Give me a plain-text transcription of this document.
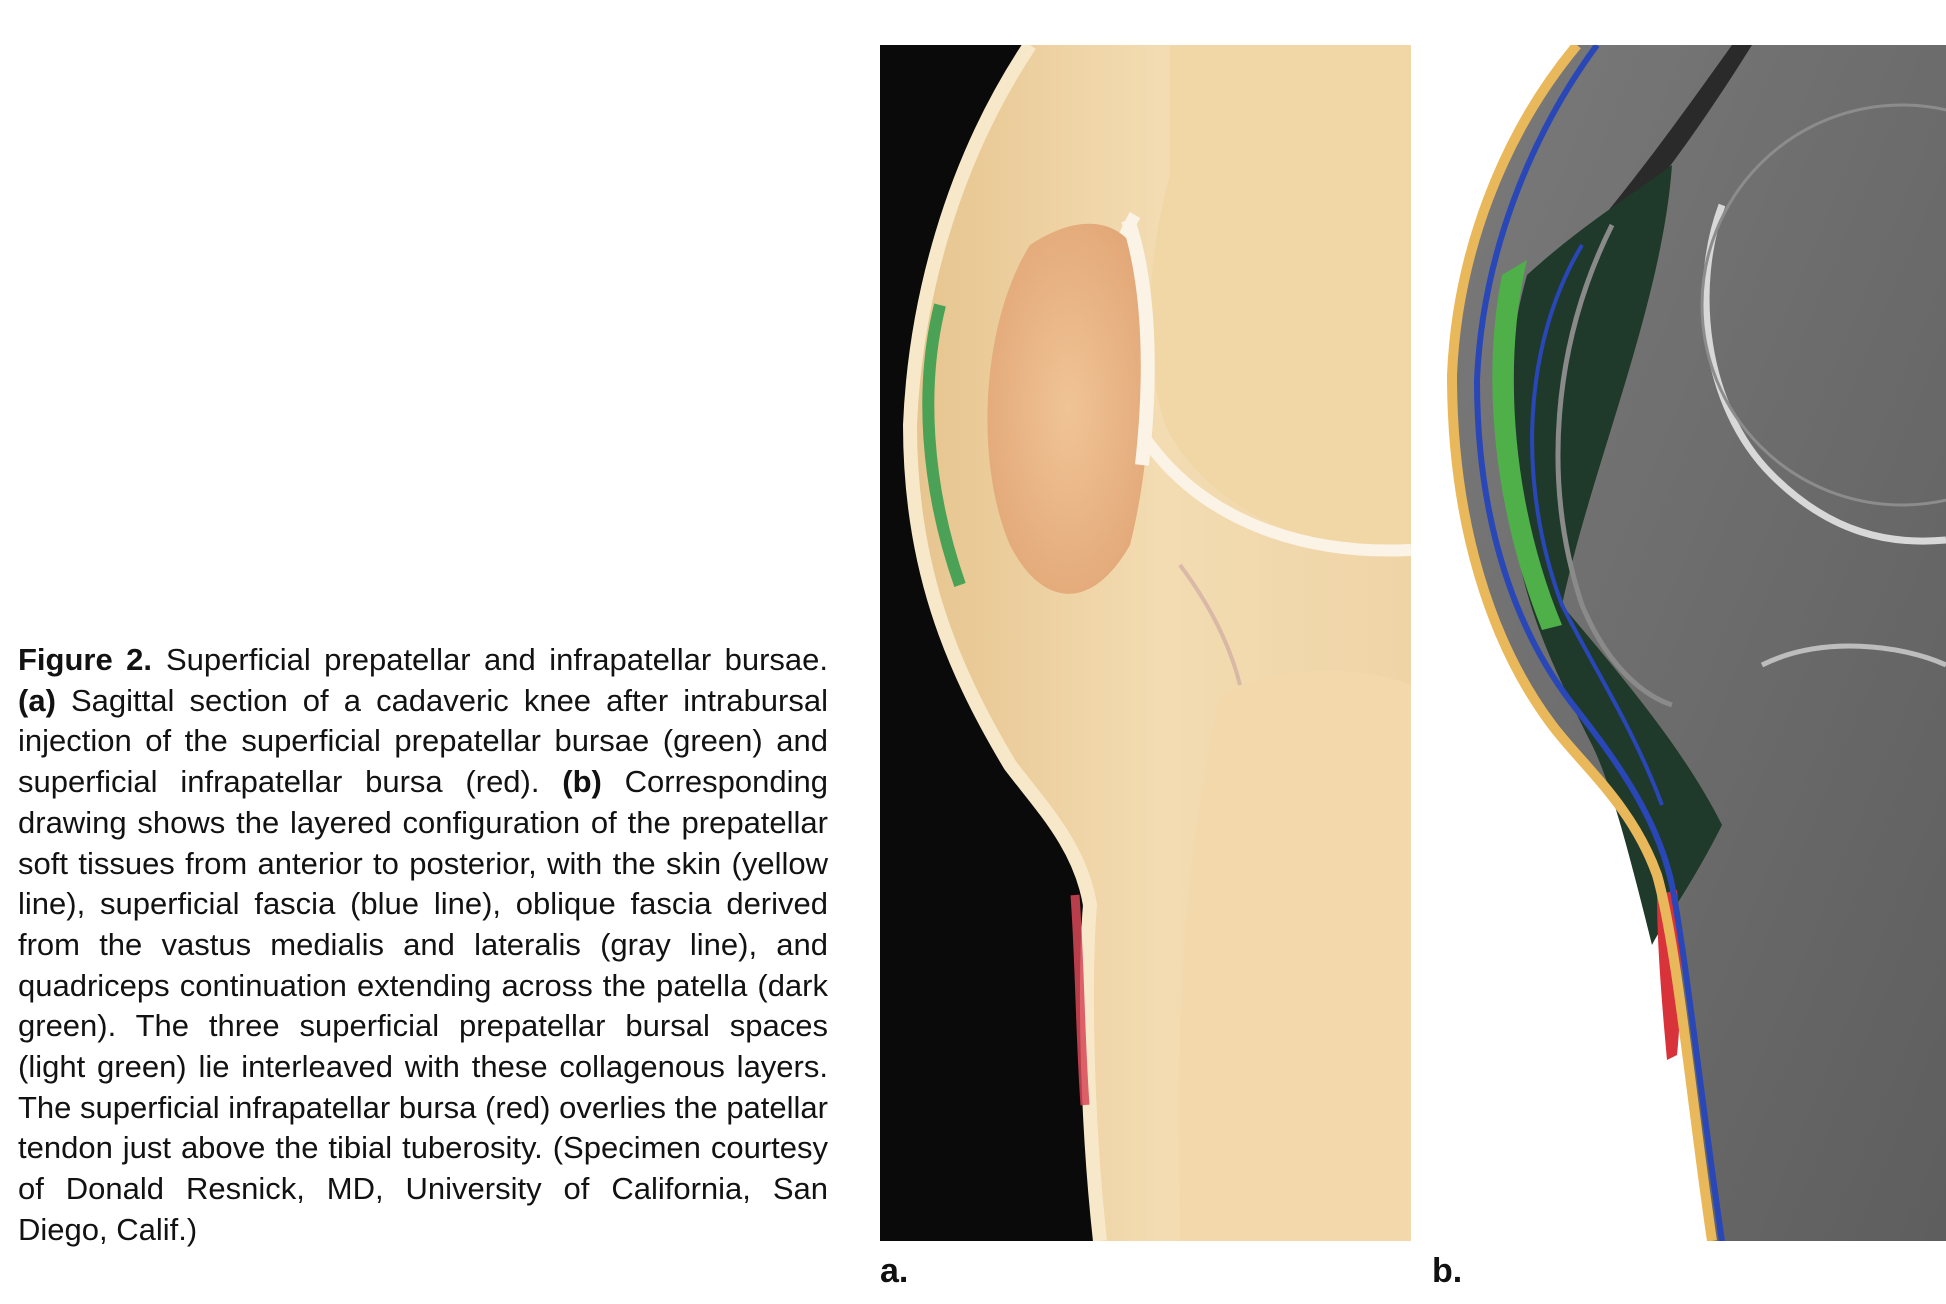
Figure 2. Superficial prepatellar and infrapatellar bursae. (a) Sagittal section of a cadaveric knee after intrabursal injection of the superficial prepatellar bursae (green) and superficial infrapatellar bursa (red). (b) Corresponding drawing shows the layered configuration of the prepatellar soft tissues from anterior to posterior, with the skin (yellow line), superficial fascia (blue line), oblique fascia derived from the vastus medialis and lateralis (gray line), and quadriceps continuation extending across the patella (dark green). The three superficial prepatellar bursal spaces (light green) lie interleaved with these collagenous layers. The superficial infrapatellar bursa (red) overlies the patellar tendon just above the tibial tuberosity. (Specimen courtesy of Donald Resnick, MD, University of California, San Diego, Calif.)
a.	b.
